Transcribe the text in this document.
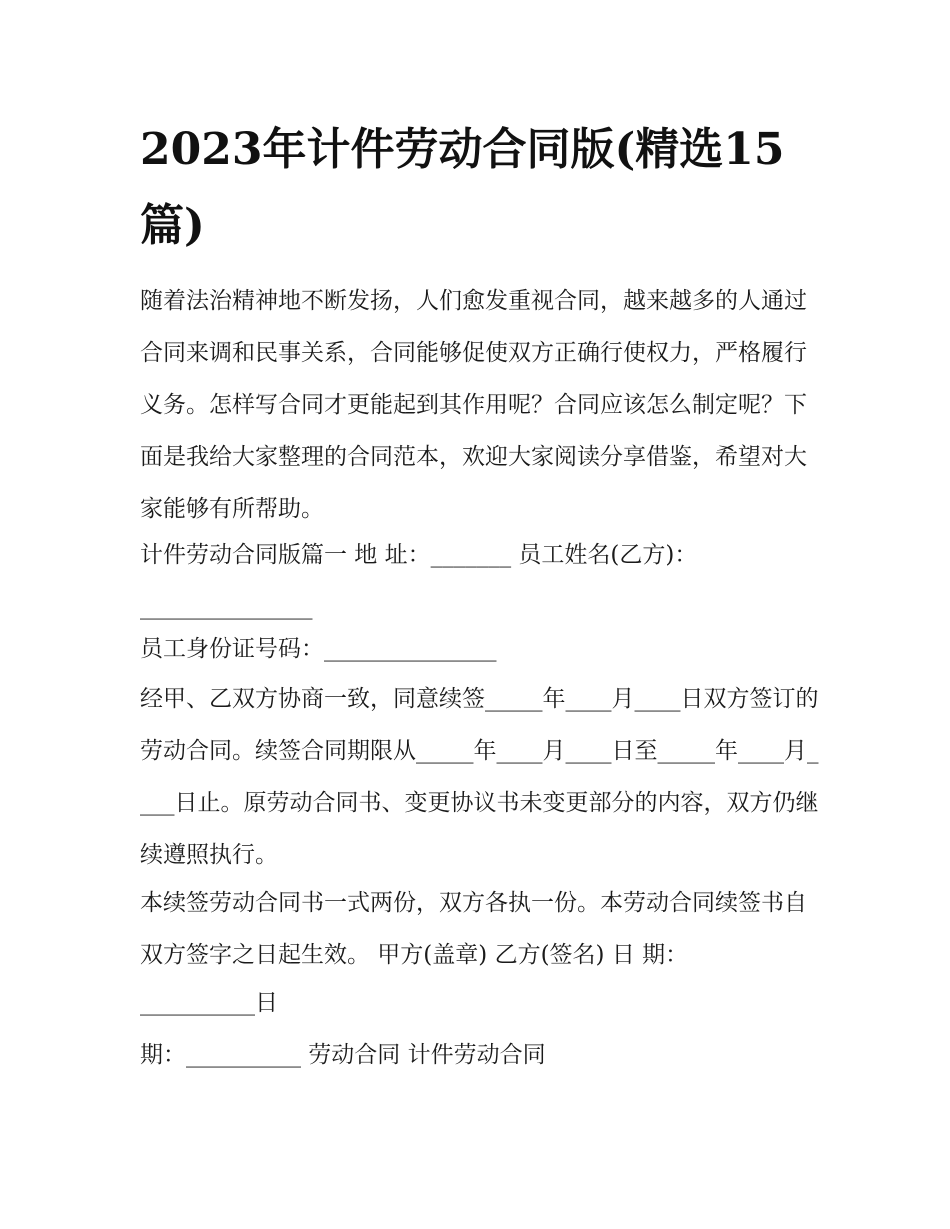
2023年计件劳动合同版(精选15篇)

随着法治精神地不断发扬，人们愈发重视合同，越来越多的人通过合同来调和民事关系，合同能够促使双方正确行使权力，严格履行义务。怎样写合同才更能起到其作用呢？合同应该怎么制定呢？下面是我给大家整理的合同范本，欢迎大家阅读分享借鉴，希望对大家能够有所帮助。

计件劳动合同版篇一 地 址：_______ 员工姓名(乙方)：

_______________

员工身份证号码：_______________

经甲、乙双方协商一致，同意续签_____年____月____日双方签订的劳动合同。续签合同期限从_____年____月____日至_____年____月____日止。原劳动合同书、变更协议书未变更部分的内容，双方仍继续遵照执行。

本续签劳动合同书一式两份，双方各执一份。本劳动合同续签书自双方签字之日起生效。 甲方(盖章) 乙方(签名) 日 期：

__________日

期：__________ 劳动合同 计件劳动合同
